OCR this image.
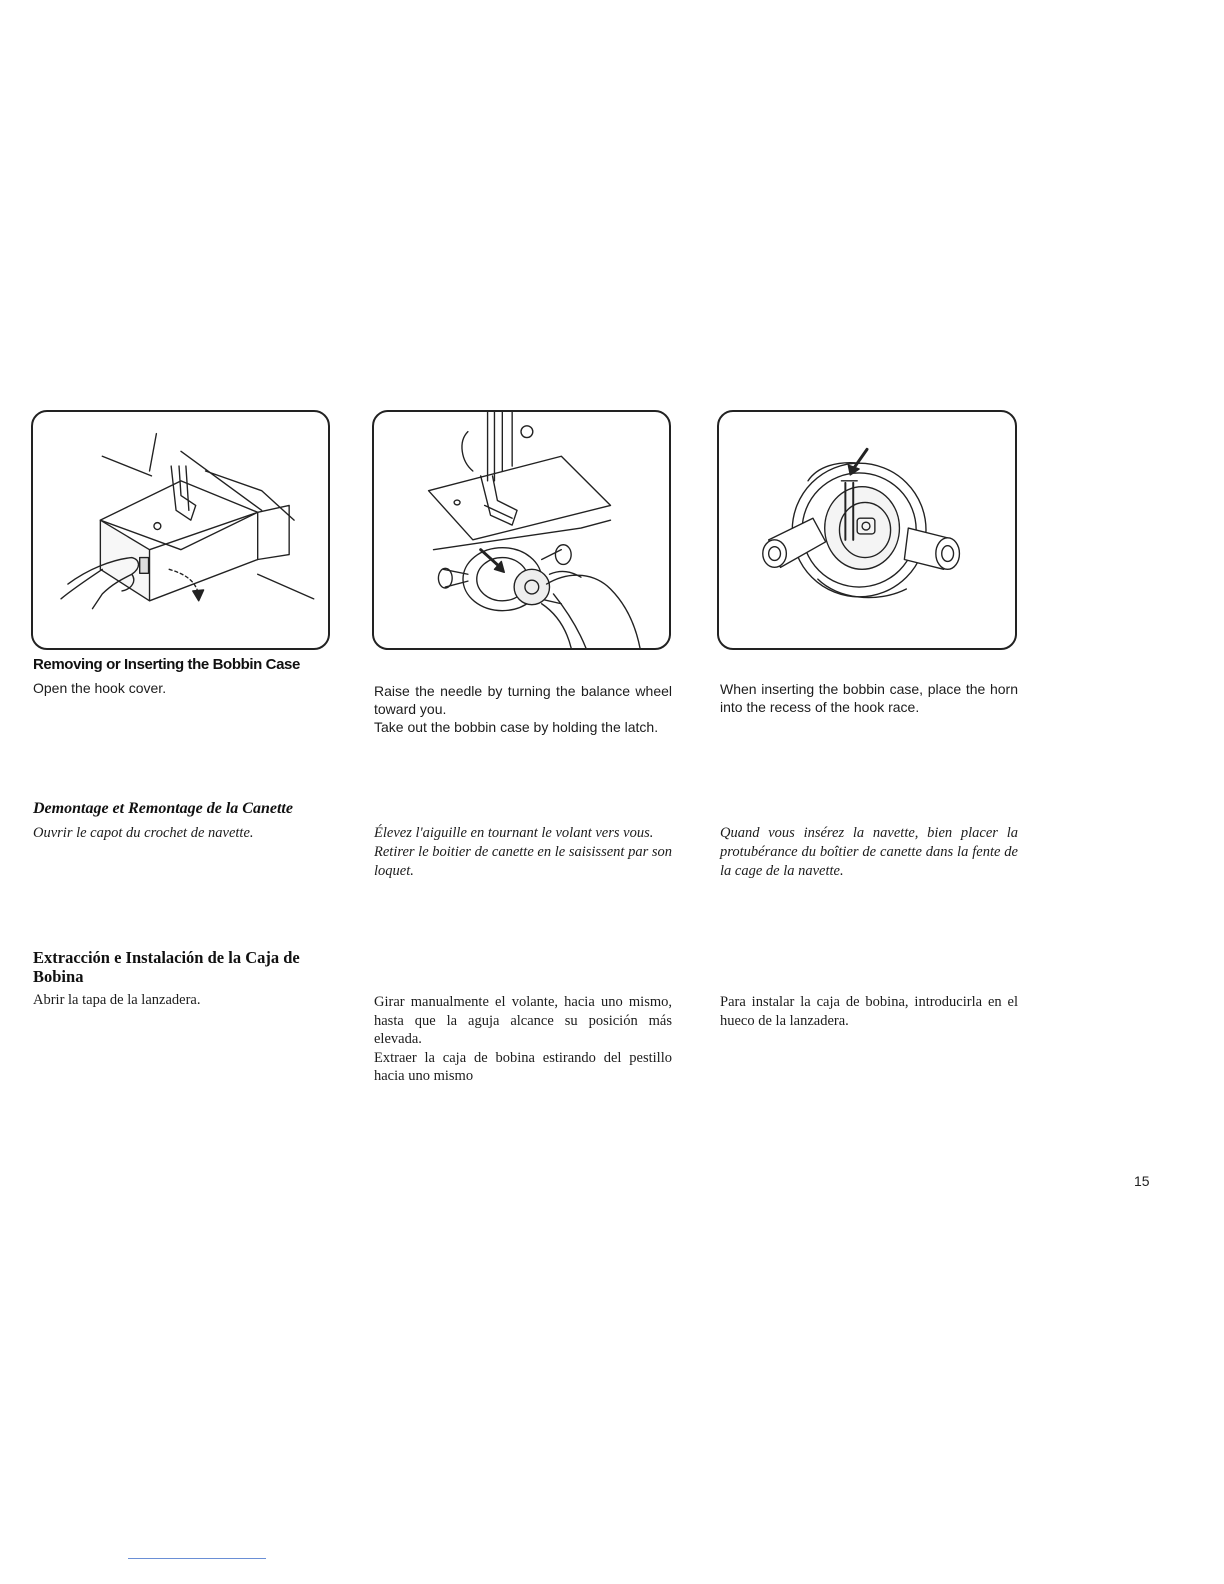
Removing or Inserting the Bobbin Case
Open the hook cover.	Raise the needle by turning the balance wheel toward you.
Take out the bobbin case by holding the latch.
When inserting the bobbin case, place the horn into the recess of the hook race.
Demontage et Remontage de la Canette
Ouvrir le capot du crochet de navette.	Élevez l'aiguille en tournant le volant vers vous.
Retirer le boitier de canette en le saisissent par son loquet.
Quand vous insérez la navette, bien placer la protubérance du boîtier de canette dans la fente de la cage de la navette.
Extracción e Instalación de la Caja de Bobina
Abrir la tapa de la lanzadera.	Girar manualmente el volante, hacia uno mismo, hasta que la aguja alcance su posición más elevada.
Extraer la caja de bobina estirando del pestillo hacia uno mismo
Para instalar la caja de bobina, introducirla en el hueco de la lanzadera.
15
